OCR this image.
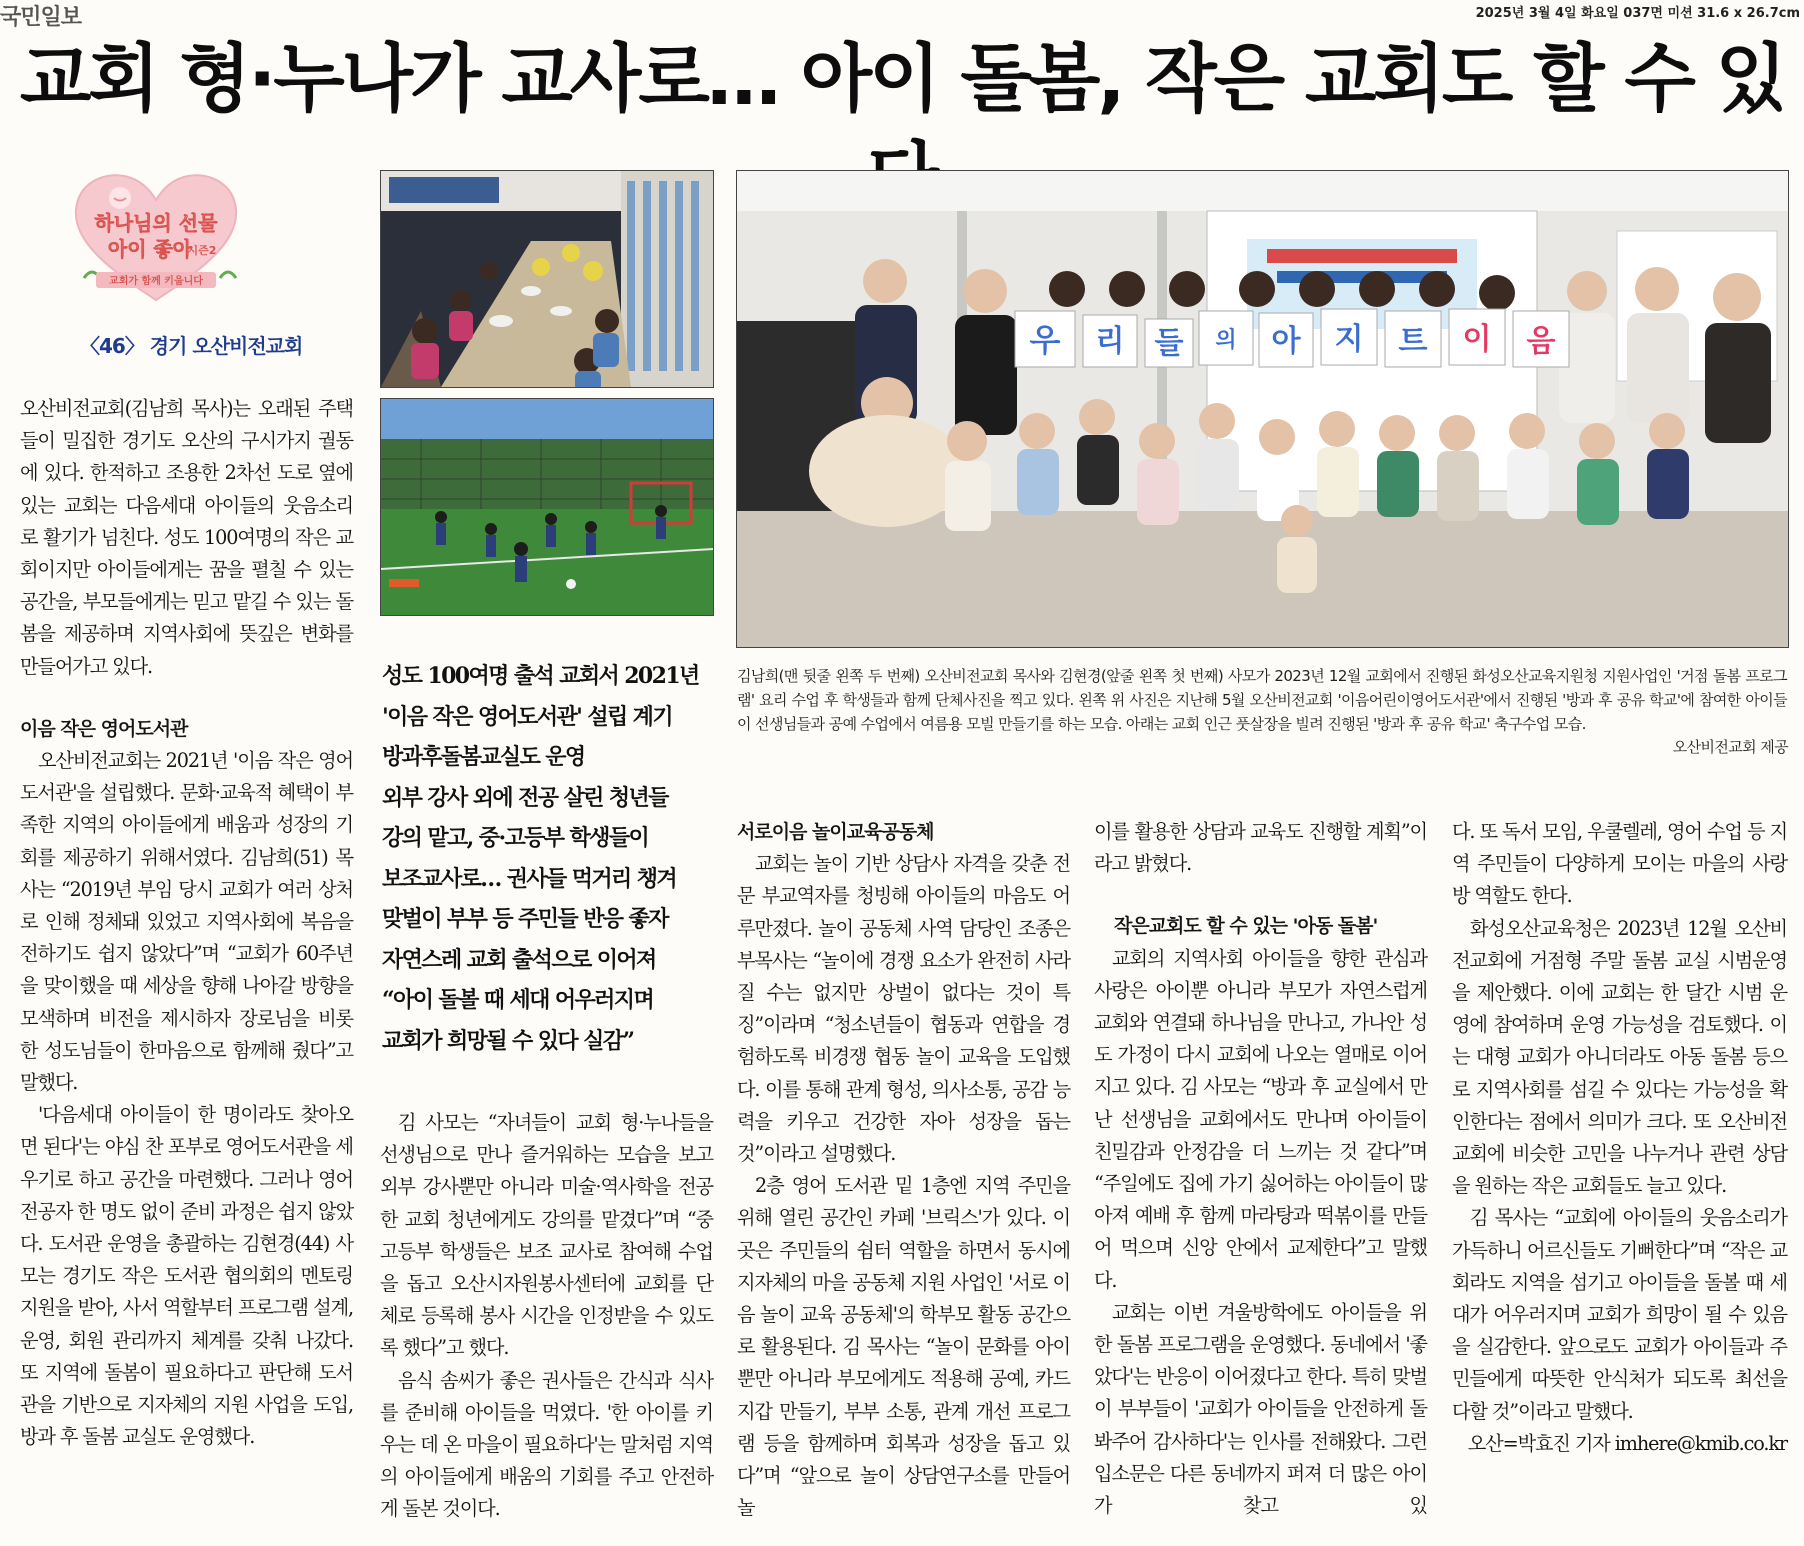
국민일보	2025년 3월 4일 화요일 037면 미션 31.6 x 26.7cm
교회 형·누나가 교사로… 아이 돌봄, 작은 교회도 할 수 있
하나님의 선물
아이 좋아
시즌2
교회가 함께 키웁니다
〈46〉 경기 오산비전교회	우 리 들 의 아 지 트 이 음
김남희(맨 뒷줄 왼쪽 두 번째) 오산비전교회 목사와 김현경(앞줄 왼쪽 첫 번째) 사모가 2023년 12월 교회에서 진행된 화성오산교육지원청 지원사업인 '거점 돌봄 프로그램' 요리 수업 후 학생들과 함께 단체사진을 찍고 있다. 왼쪽 위 사진은 지난해 5월 오산비전교회 '이음어린이영어도서관'에서 진행된 '방과 후 공유 학교'에 참여한 아이들이 선생님들과 공예 수업에서 여름용 모빌 만들기를 하는 모습. 아래는 교회 인근 풋살장을 빌려 진행된 '방과 후 공유 학교' 축구수업 모습.
오산비전교회 제공
성도 100여명 출석 교회서 2021년
'이음 작은 영어도서관' 설립 계기
방과후돌봄교실도 운영
외부 강사 외에 전공 살린 청년들
강의 맡고, 중·고등부 학생들이
보조교사로… 권사들 먹거리 챙겨
맞벌이 부부 등 주민들 반응 좋자
자연스레 교회 출석으로 이어져
“아이 돌볼 때 세대 어우러지며
교회가 희망될 수 있다 실감”

오산비전교회(김남희 목사)는 오래된 주택들이 밀집한 경기도 오산의 구시가지 궐동에 있다. 한적하고 조용한 2차선 도로 옆에 있는 교회는 다음세대 아이들의 웃음소리로 활기가 넘친다. 성도 100여명의 작은 교회이지만 아이들에게는 꿈을 펼칠 수 있는 공간을, 부모들에게는 믿고 맡길 수 있는 돌봄을 제공하며 지역사회에 뜻깊은 변화를 만들어가고 있다.

이음 작은 영어도서관

오산비전교회는 2021년 '이음 작은 영어도서관'을 설립했다. 문화·교육적 혜택이 부족한 지역의 아이들에게 배움과 성장의 기회를 제공하기 위해서였다. 김남희(51) 목사는 “2019년 부임 당시 교회가 여러 상처로 인해 정체돼 있었고 지역사회에 복음을 전하기도 쉽지 않았다”며 “교회가 60주년을 맞이했을 때 세상을 향해 나아갈 방향을 모색하며 비전을 제시하자 장로님을 비롯한 성도님들이 한마음으로 함께해 줬다”고 말했다.

'다음세대 아이들이 한 명이라도 찾아오면 된다'는 야심 찬 포부로 영어도서관을 세우기로 하고 공간을 마련했다. 그러나 영어 전공자 한 명도 없이 준비 과정은 쉽지 않았다. 도서관 운영을 총괄하는 김현경(44) 사모는 경기도 작은 도서관 협의회의 멘토링 지원을 받아, 사서 역할부터 프로그램 설계, 운영, 회원 관리까지 체계를 갖춰 나갔다. 또 지역에 돌봄이 필요하다고 판단해 도서관을 기반으로 지자체의 지원 사업을 도입, 방과 후 돌봄 교실도 운영했다.

김 사모는 “자녀들이 교회 형·누나들을 선생님으로 만나 즐거워하는 모습을 보고 외부 강사뿐만 아니라 미술·역사학을 전공한 교회 청년에게도 강의를 맡겼다”며 “중고등부 학생들은 보조 교사로 참여해 수업을 돕고 오산시자원봉사센터에 교회를 단체로 등록해 봉사 시간을 인정받을 수 있도록 했다”고 했다.

음식 솜씨가 좋은 권사들은 간식과 식사를 준비해 아이들을 먹였다. '한 아이를 키우는 데 온 마을이 필요하다'는 말처럼 지역의 아이들에게 배움의 기회를 주고 안전하게 돌본 것이다.

서로이음 놀이교육공동체

교회는 놀이 기반 상담사 자격을 갖춘 전문 부교역자를 청빙해 아이들의 마음도 어루만졌다. 놀이 공동체 사역 담당인 조종은 부목사는 “놀이에 경쟁 요소가 완전히 사라질 수는 없지만 상벌이 없다는 것이 특징”이라며 “청소년들이 협동과 연합을 경험하도록 비경쟁 협동 놀이 교육을 도입했다. 이를 통해 관계 형성, 의사소통, 공감 능력을 키우고 건강한 자아 성장을 돕는 것”이라고 설명했다.

2층 영어 도서관 밑 1층엔 지역 주민을 위해 열린 공간인 카페 '브릭스'가 있다. 이곳은 주민들의 쉼터 역할을 하면서 동시에 지자체의 마을 공동체 지원 사업인 '서로 이음 놀이 교육 공동체'의 학부모 활동 공간으로 활용된다. 김 목사는 “놀이 문화를 아이뿐만 아니라 부모에게도 적용해 공예, 카드 지갑 만들기, 부부 소통, 관계 개선 프로그램 등을 함께하며 회복과 성장을 돕고 있다”며 “앞으로 놀이 상담연구소를 만들어 놀

이를 활용한 상담과 교육도 진행할 계획”이라고 밝혔다.

작은교회도 할 수 있는 '아동 돌봄'

교회의 지역사회 아이들을 향한 관심과 사랑은 아이뿐 아니라 부모가 자연스럽게 교회와 연결돼 하나님을 만나고, 가나안 성도 가정이 다시 교회에 나오는 열매로 이어지고 있다. 김 사모는 “방과 후 교실에서 만난 선생님을 교회에서도 만나며 아이들이 친밀감과 안정감을 더 느끼는 것 같다”며 “주일에도 집에 가기 싫어하는 아이들이 많아져 예배 후 함께 마라탕과 떡볶이를 만들어 먹으며 신앙 안에서 교제한다”고 말했다.

교회는 이번 겨울방학에도 아이들을 위한 돌봄 프로그램을 운영했다. 동네에서 '좋았다'는 반응이 이어졌다고 한다. 특히 맞벌이 부부들이 '교회가 아이들을 안전하게 돌봐주어 감사하다'는 인사를 전해왔다. 그런 입소문은 다른 동네까지 퍼져 더 많은 아이가 찾고 있

다. 또 독서 모임, 우쿨렐레, 영어 수업 등 지역 주민들이 다양하게 모이는 마을의 사랑방 역할도 한다.

화성오산교육청은 2023년 12월 오산비전교회에 거점형 주말 돌봄 교실 시범운영을 제안했다. 이에 교회는 한 달간 시범 운영에 참여하며 운영 가능성을 검토했다. 이는 대형 교회가 아니더라도 아동 돌봄 등으로 지역사회를 섬길 수 있다는 가능성을 확인한다는 점에서 의미가 크다. 또 오산비전교회에 비슷한 고민을 나누거나 관련 상담을 원하는 작은 교회들도 늘고 있다.

김 목사는 “교회에 아이들의 웃음소리가 가득하니 어르신들도 기뻐한다”며 “작은 교회라도 지역을 섬기고 아이들을 돌볼 때 세대가 어우러지며 교회가 희망이 될 수 있음을 실감한다. 앞으로도 교회가 아이들과 주민들에게 따뜻한 안식처가 되도록 최선을 다할 것”이라고 말했다.

오산=박효진 기자 imhere@kmib.co.kr
